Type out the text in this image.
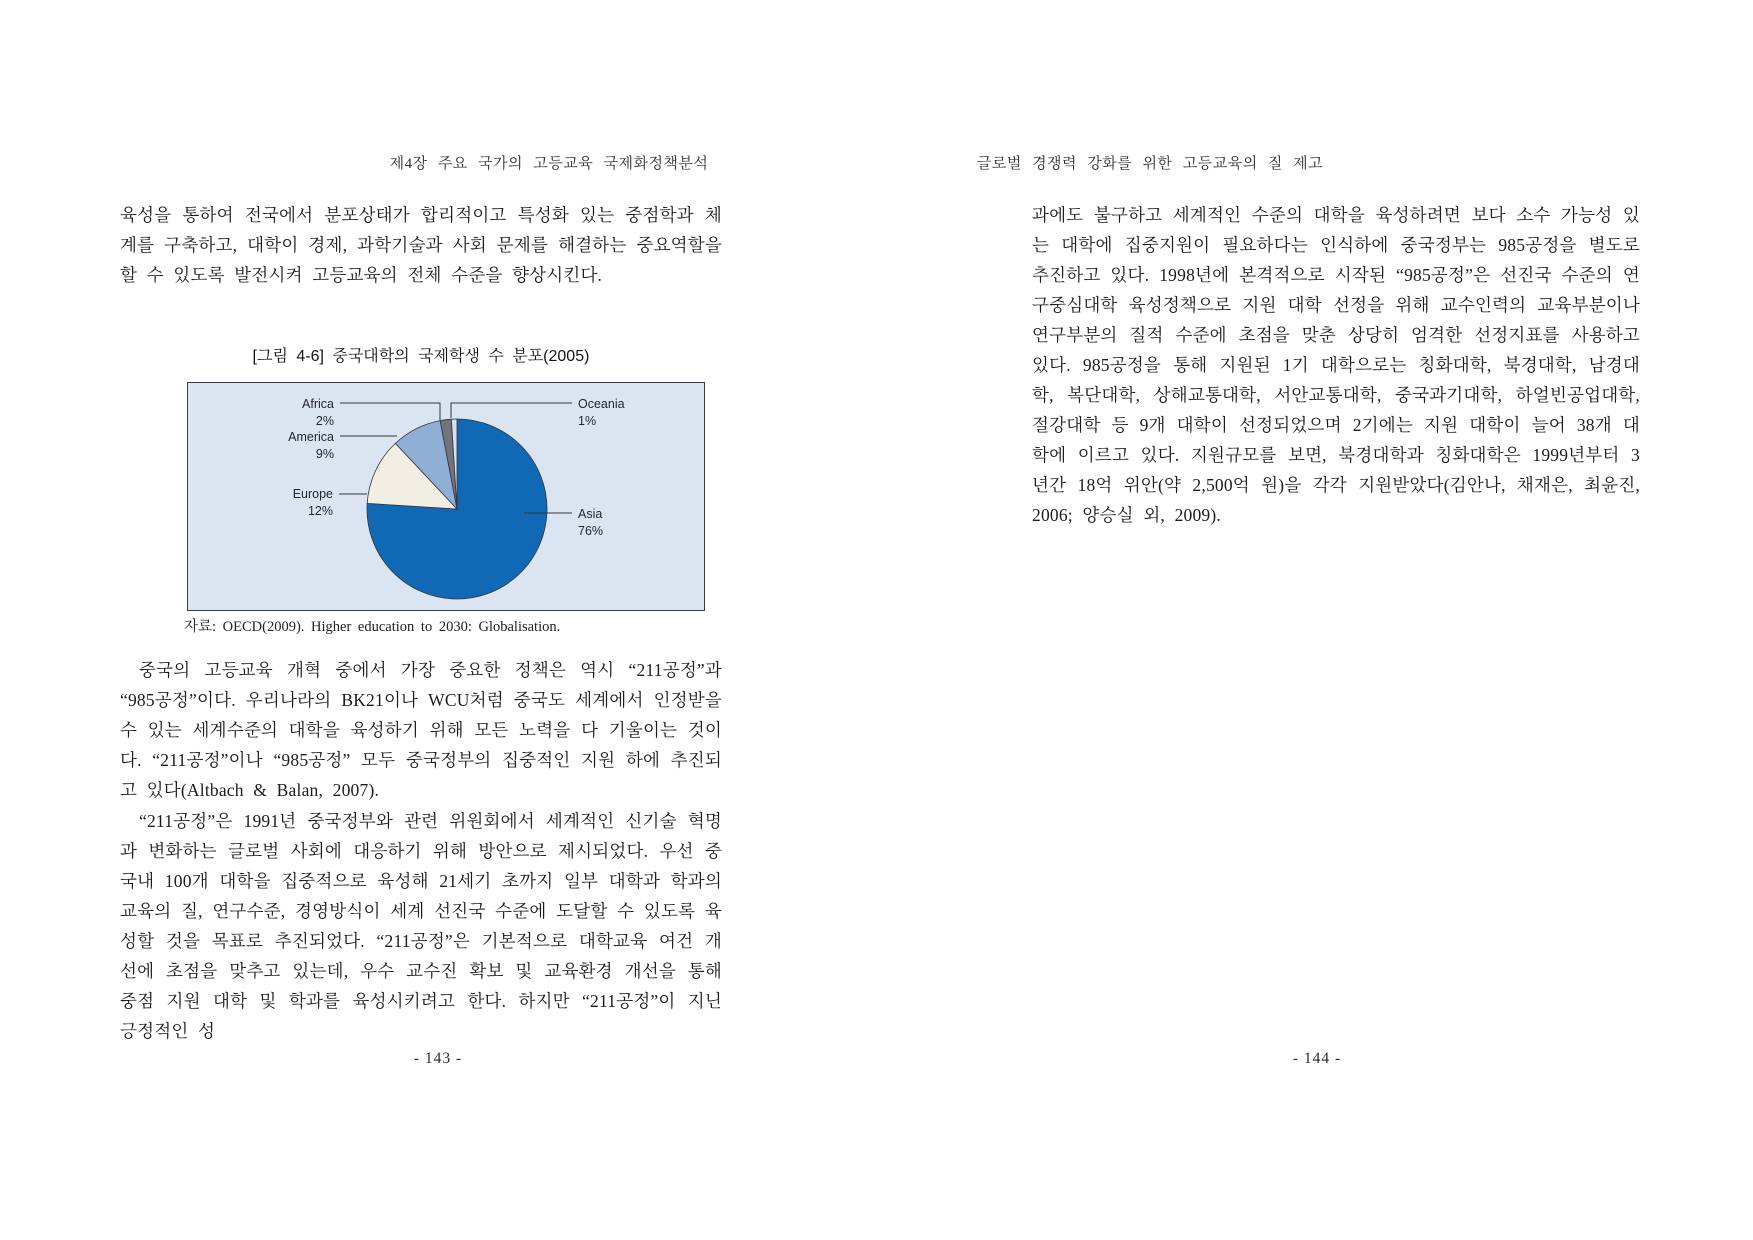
제4장 주요 국가의 고등교육 국제화정책분석
육성을 통하여 전국에서 분포상태가 합리적이고 특성화 있는 중점학과 체계를 구축하고, 대학이 경제, 과학기술과 사회 문제를 해결하는 중요역할을 할 수 있도록 발전시켜 고등교육의 전체 수준을 향상시킨다.
[그림 4-6] 중국대학의 국제학생 수 분포(2005)
Africa
2%
America
9%
Europe
12%
Oceania
1%
Asia
76%
자료: OECD(2009). Higher education to 2030: Globalisation.
중국의 고등교육 개혁 중에서 가장 중요한 정책은 역시 “211공정”과 “985공정”이다. 우리나라의 BK21이나 WCU처럼 중국도 세계에서 인정받을 수 있는 세계수준의 대학을 육성하기 위해 모든 노력을 다 기울이는 것이다. “211공정”이나 “985공정” 모두 중국정부의 집중적인 지원 하에 추진되고 있다(Altbach & Balan, 2007).
“211공정”은 1991년 중국정부와 관련 위원회에서 세계적인 신기술 혁명과 변화하는 글로벌 사회에 대응하기 위해 방안으로 제시되었다. 우선 중국내 100개 대학을 집중적으로 육성해 21세기 초까지 일부 대학과 학과의 교육의 질, 연구수준, 경영방식이 세계 선진국 수준에 도달할 수 있도록 육성할 것을 목표로 추진되었다. “211공정”은 기본적으로 대학교육 여건 개선에 초점을 맞추고 있는데, 우수 교수진 확보 및 교육환경 개선을 통해 중점 지원 대학 및 학과를 육성시키려고 한다. 하지만 “211공정”이 지닌 긍정적인 성
- 143 -
글로벌 경쟁력 강화를 위한 고등교육의 질 제고
과에도 불구하고 세계적인 수준의 대학을 육성하려면 보다 소수 가능성 있는 대학에 집중지원이 필요하다는 인식하에 중국정부는 985공정을 별도로 추진하고 있다. 1998년에 본격적으로 시작된 “985공정”은 선진국 수준의 연구중심대학 육성정책으로 지원 대학 선정을 위해 교수인력의 교육부분이나 연구부분의 질적 수준에 초점을 맞춘 상당히 엄격한 선정지표를 사용하고 있다. 985공정을 통해 지원된 1기 대학으로는 칭화대학, 북경대학, 남경대학, 복단대학, 상해교통대학, 서안교통대학, 중국과기대학, 하얼빈공업대학, 절강대학 등 9개 대학이 선정되었으며 2기에는 지원 대학이 늘어 38개 대학에 이르고 있다. 지원규모를 보면, 북경대학과 칭화대학은 1999년부터 3년간 18억 위안(약 2,500억 원)을 각각 지원받았다(김안나, 채재은, 최윤진, 2006; 양승실 외, 2009).
- 144 -
